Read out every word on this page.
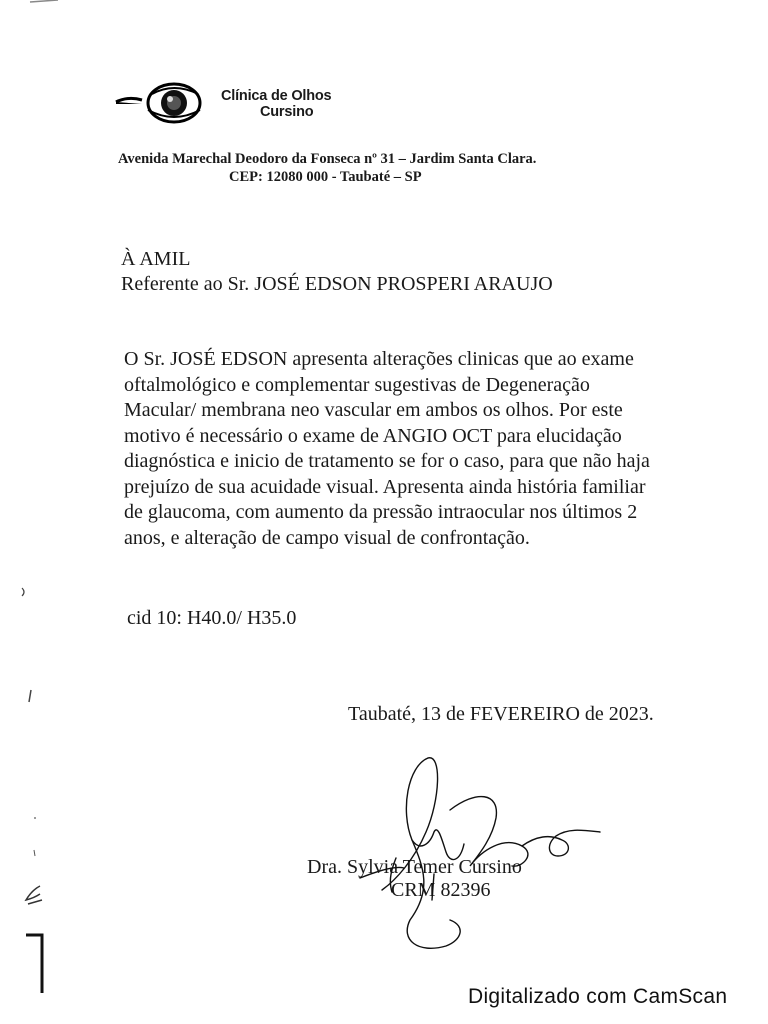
Clínica de Olhos
Cursino
Avenida Marechal Deodoro da Fonseca nº 31 – Jardim Santa Clara.
CEP: 12080 000 - Taubaté – SP
À AMIL
Referente ao Sr. JOSÉ EDSON PROSPERI ARAUJO
O Sr. JOSÉ EDSON apresenta alterações clinicas que ao exame
oftalmológico e complementar sugestivas de Degeneração
Macular/ membrana neo vascular em ambos os olhos. Por este
motivo é necessário o exame de ANGIO OCT para elucidação
diagnóstica e inicio de tratamento se for o caso, para que não haja
prejuízo de sua acuidade visual. Apresenta ainda história familiar
de glaucoma, com aumento da pressão intraocular nos últimos 2
anos, e alteração de campo visual de confrontação.
cid 10: H40.0/ H35.0
Taubaté, 13 de FEVEREIRO de 2023.
Dra. Sylvia Temer Cursino
CRM 82396
Digitalizado com CamScan
